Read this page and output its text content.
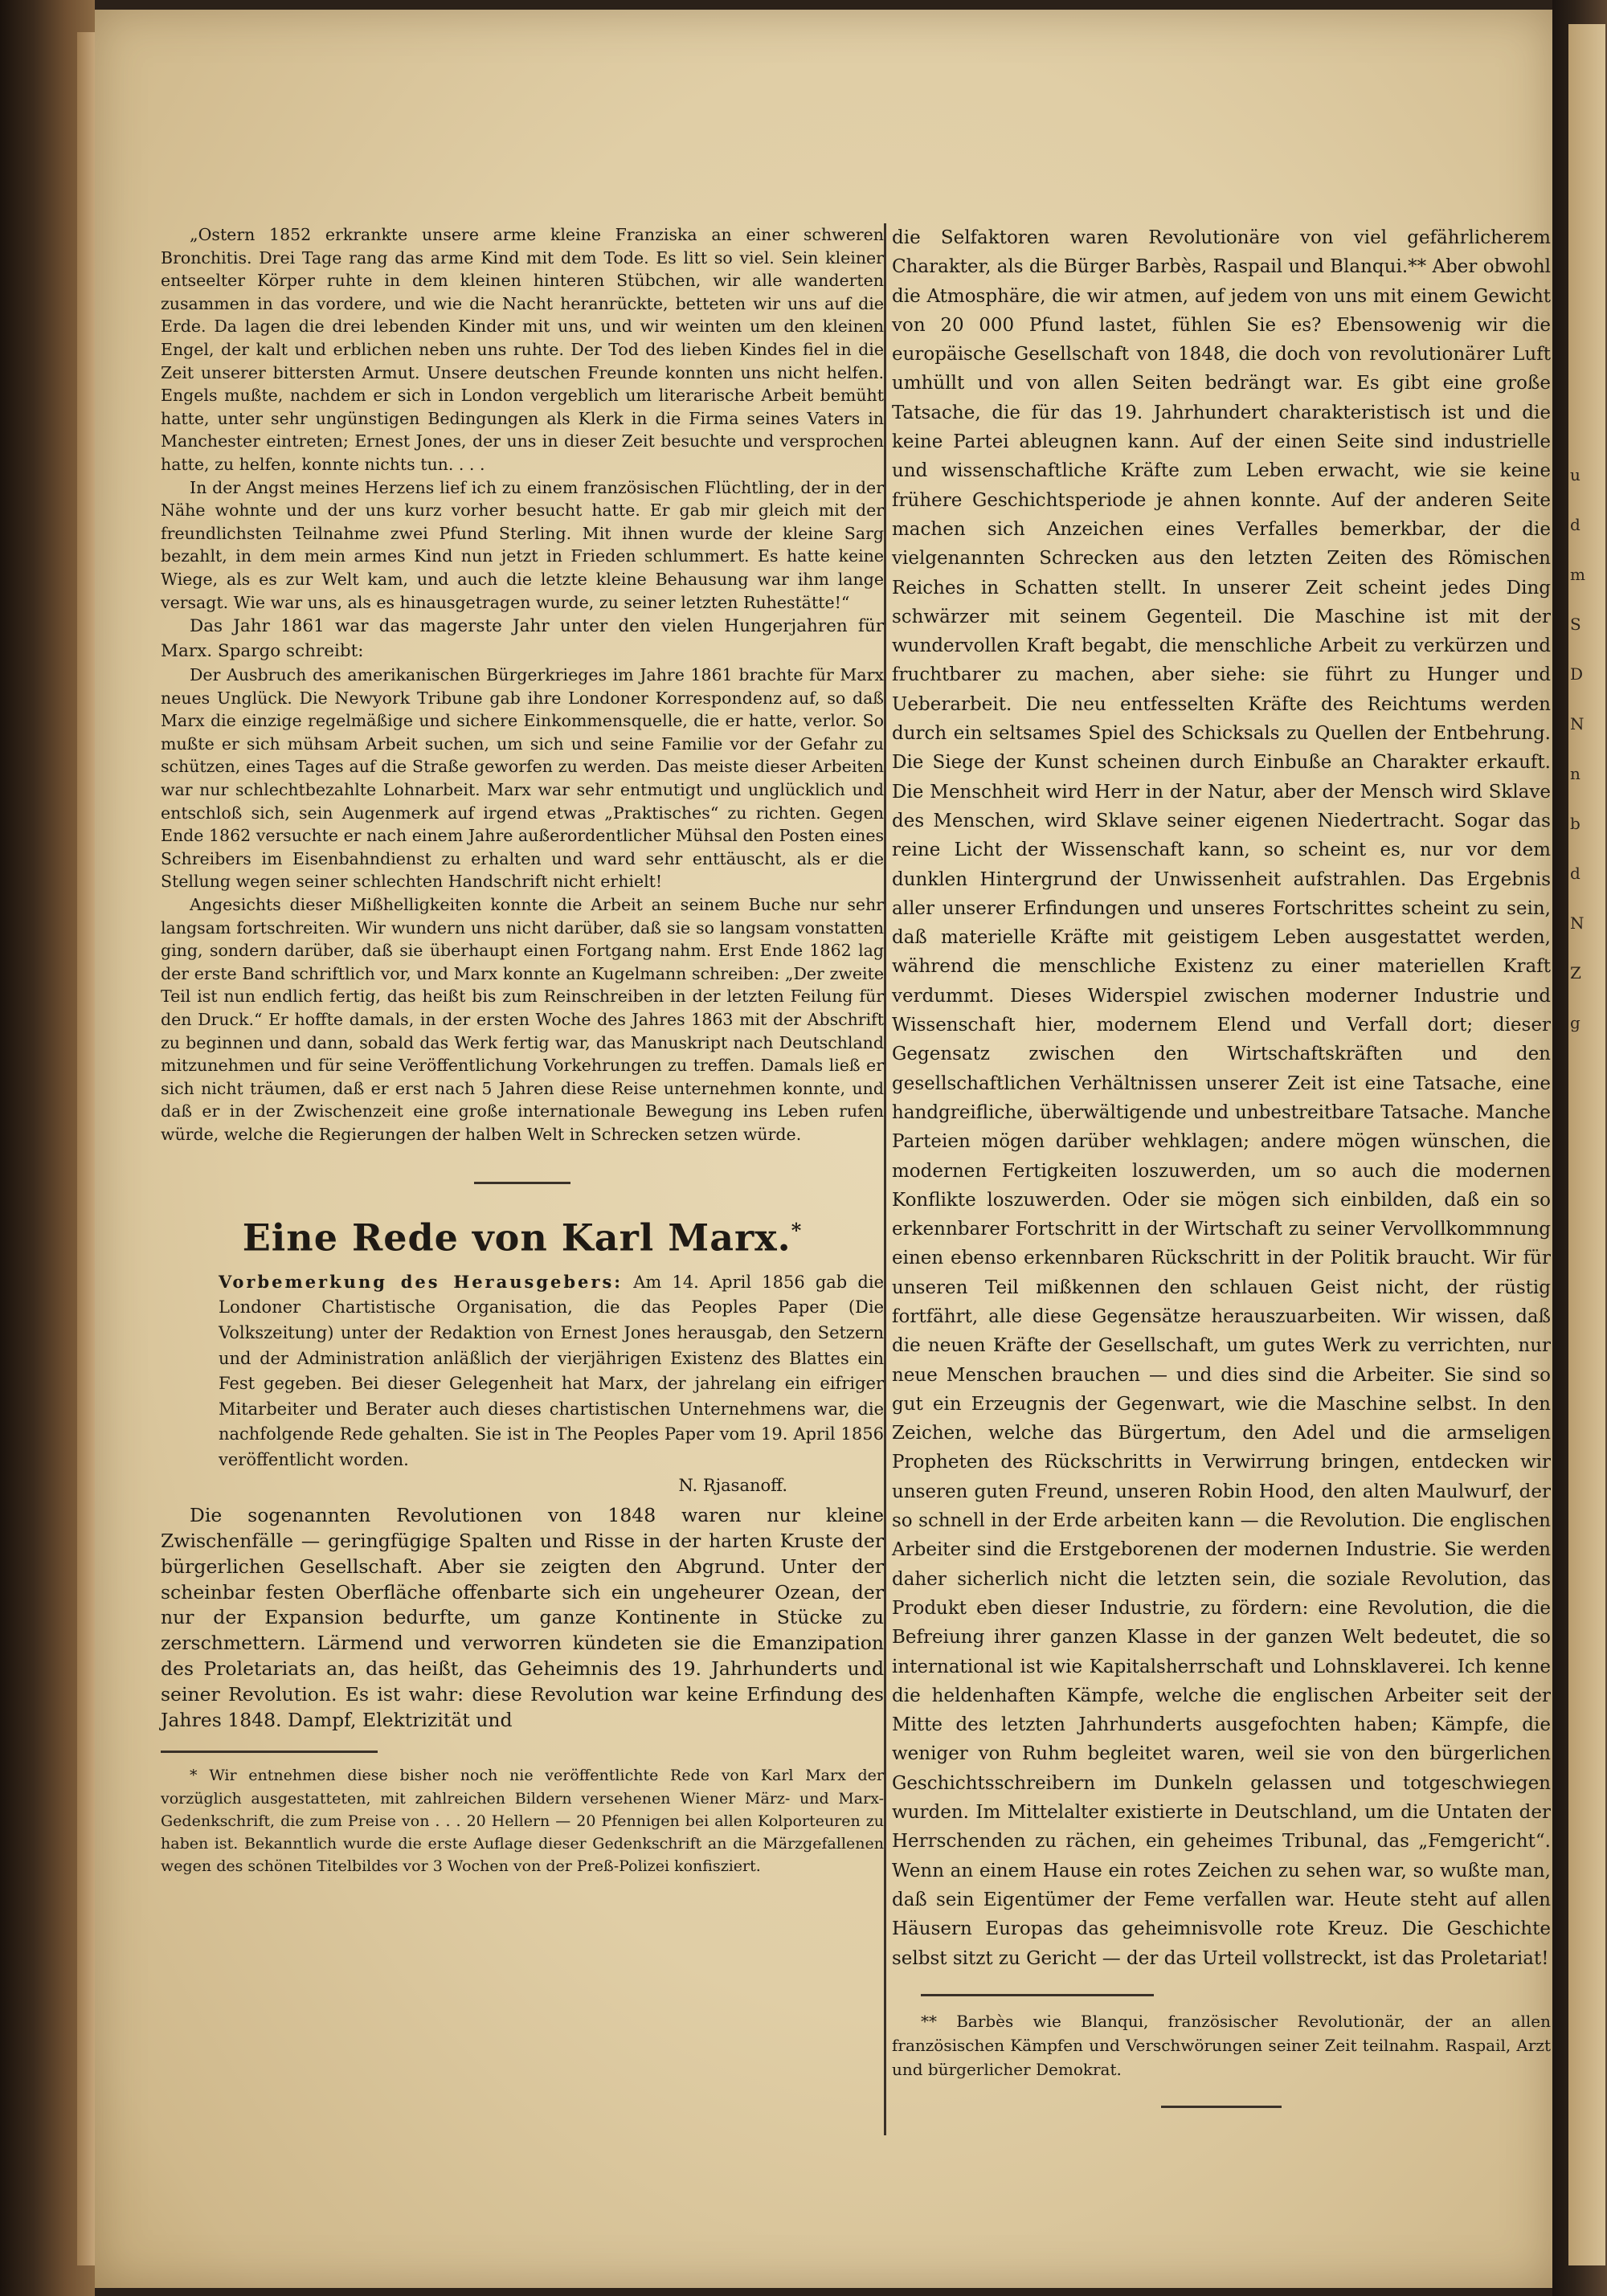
„Ostern 1852 erkrankte unsere arme kleine Franziska an einer schweren Bronchitis. Drei Tage rang das arme Kind mit dem Tode. Es litt so viel. Sein kleiner entseelter Körper ruhte in dem kleinen hinteren Stübchen, wir alle wanderten zusammen in das vordere, und wie die Nacht heranrückte, betteten wir uns auf die Erde. Da lagen die drei lebenden Kinder mit uns, und wir weinten um den kleinen Engel, der kalt und erblichen neben uns ruhte. Der Tod des lieben Kindes fiel in die Zeit unserer bittersten Armut. Unsere deutschen Freunde konnten uns nicht helfen. Engels mußte, nachdem er sich in London vergeblich um literarische Arbeit bemüht hatte, unter sehr ungünstigen Bedingungen als Klerk in die Firma seines Vaters in Manchester eintreten; Ernest Jones, der uns in dieser Zeit besuchte und versprochen hatte, zu helfen, konnte nichts tun. . . .

In der Angst meines Herzens lief ich zu einem französischen Flüchtling, der in der Nähe wohnte und der uns kurz vorher besucht hatte. Er gab mir gleich mit der freundlichsten Teilnahme zwei Pfund Sterling. Mit ihnen wurde der kleine Sarg bezahlt, in dem mein armes Kind nun jetzt in Frieden schlummert. Es hatte keine Wiege, als es zur Welt kam, und auch die letzte kleine Behausung war ihm lange versagt. Wie war uns, als es hinausgetragen wurde, zu seiner letzten Ruhestätte!“

Das Jahr 1861 war das magerste Jahr unter den vielen Hungerjahren für Marx. Spargo schreibt:

Der Ausbruch des amerikanischen Bürgerkrieges im Jahre 1861 brachte für Marx neues Unglück. Die Newyork Tribune gab ihre Londoner Korrespondenz auf, so daß Marx die einzige regelmäßige und sichere Einkommensquelle, die er hatte, verlor. So mußte er sich mühsam Arbeit suchen, um sich und seine Familie vor der Gefahr zu schützen, eines Tages auf die Straße geworfen zu werden. Das meiste dieser Arbeiten war nur schlechtbezahlte Lohnarbeit. Marx war sehr entmutigt und unglücklich und entschloß sich, sein Augenmerk auf irgend etwas „Praktisches“ zu richten. Gegen Ende 1862 versuchte er nach einem Jahre außerordentlicher Mühsal den Posten eines Schreibers im Eisenbahndienst zu erhalten und ward sehr enttäuscht, als er die Stellung wegen seiner schlechten Handschrift nicht erhielt!

Angesichts dieser Mißhelligkeiten konnte die Arbeit an seinem Buche nur sehr langsam fortschreiten. Wir wundern uns nicht darüber, daß sie so langsam vonstatten ging, sondern darüber, daß sie überhaupt einen Fortgang nahm. Erst Ende 1862 lag der erste Band schriftlich vor, und Marx konnte an Kugelmann schreiben: „Der zweite Teil ist nun endlich fertig, das heißt bis zum Reinschreiben in der letzten Feilung für den Druck.“ Er hoffte damals, in der ersten Woche des Jahres 1863 mit der Abschrift zu beginnen und dann, sobald das Werk fertig war, das Manuskript nach Deutschland mitzunehmen und für seine Veröffentlichung Vorkehrungen zu treffen. Damals ließ er sich nicht träumen, daß er erst nach 5 Jahren diese Reise unternehmen konnte, und daß er in der Zwischenzeit eine große internationale Bewegung ins Leben rufen würde, welche die Regierungen der halben Welt in Schrecken setzen würde.

Eine Rede von Karl Marx.*
Vorbemerkung des Herausgebers: Am 14. April 1856 gab die Londoner Chartistische Organisation, die das Peoples Paper (Die Volkszeitung) unter der Redaktion von Ernest Jones herausgab, den Setzern und der Administration anläßlich der vierjährigen Existenz des Blattes ein Fest gegeben. Bei dieser Gelegenheit hat Marx, der jahrelang ein eifriger Mitarbeiter und Berater auch dieses chartistischen Unternehmens war, die nachfolgende Rede gehalten. Sie ist in The Peoples Paper vom 19. April 1856 veröffentlicht worden.
N. Rjasanoff.

Die sogenannten Revolutionen von 1848 waren nur kleine Zwischenfälle — geringfügige Spalten und Risse in der harten Kruste der bürgerlichen Gesellschaft. Aber sie zeigten den Abgrund. Unter der scheinbar festen Oberfläche offenbarte sich ein ungeheurer Ozean, der nur der Expansion bedurfte, um ganze Kontinente in Stücke zu zerschmettern. Lärmend und verworren kündeten sie die Emanzipation des Proletariats an, das heißt, das Geheimnis des 19. Jahrhunderts und seiner Revolution. Es ist wahr: diese Revolution war keine Erfindung des Jahres 1848. Dampf, Elektrizität und

* Wir entnehmen diese bisher noch nie veröffentlichte Rede von Karl Marx der vorzüglich ausgestatteten, mit zahlreichen Bildern versehenen Wiener März- und Marx-Gedenkschrift, die zum Preise von . . . 20 Hellern — 20 Pfennigen bei allen Kolporteuren zu haben ist. Bekanntlich wurde die erste Auflage dieser Gedenkschrift an die Märzgefallenen wegen des schönen Titelbildes vor 3 Wochen von der Preß-Polizei konfisziert.

die Selfaktoren waren Revolutionäre von viel gefährlicherem Charakter, als die Bürger Barbès, Raspail und Blanqui.** Aber obwohl die Atmosphäre, die wir atmen, auf jedem von uns mit einem Gewicht von 20 000 Pfund lastet, fühlen Sie es? Ebensowenig wir die europäische Gesellschaft von 1848, die doch von revolutionärer Luft umhüllt und von allen Seiten bedrängt war. Es gibt eine große Tatsache, die für das 19. Jahrhundert charakteristisch ist und die keine Partei ableugnen kann. Auf der einen Seite sind industrielle und wissenschaftliche Kräfte zum Leben erwacht, wie sie keine frühere Geschichtsperiode je ahnen konnte. Auf der anderen Seite machen sich Anzeichen eines Verfalles bemerkbar, der die vielgenannten Schrecken aus den letzten Zeiten des Römischen Reiches in Schatten stellt. In unserer Zeit scheint jedes Ding schwärzer mit seinem Gegenteil. Die Maschine ist mit der wundervollen Kraft begabt, die menschliche Arbeit zu verkürzen und fruchtbarer zu machen, aber siehe: sie führt zu Hunger und Ueberarbeit. Die neu entfesselten Kräfte des Reichtums werden durch ein seltsames Spiel des Schicksals zu Quellen der Entbehrung. Die Siege der Kunst scheinen durch Einbuße an Charakter erkauft. Die Menschheit wird Herr in der Natur, aber der Mensch wird Sklave des Menschen, wird Sklave seiner eigenen Niedertracht. Sogar das reine Licht der Wissenschaft kann, so scheint es, nur vor dem dunklen Hintergrund der Unwissenheit aufstrahlen. Das Ergebnis aller unserer Erfindungen und unseres Fortschrittes scheint zu sein, daß materielle Kräfte mit geistigem Leben ausgestattet werden, während die menschliche Existenz zu einer materiellen Kraft verdummt. Dieses Widerspiel zwischen moderner Industrie und Wissenschaft hier, modernem Elend und Verfall dort; dieser Gegensatz zwischen den Wirtschaftskräften und den gesellschaftlichen Verhältnissen unserer Zeit ist eine Tatsache, eine handgreifliche, überwältigende und unbestreitbare Tatsache. Manche Parteien mögen darüber wehklagen; andere mögen wünschen, die modernen Fertigkeiten loszuwerden, um so auch die modernen Konflikte loszuwerden. Oder sie mögen sich einbilden, daß ein so erkennbarer Fortschritt in der Wirtschaft zu seiner Vervollkommnung einen ebenso erkennbaren Rückschritt in der Politik braucht. Wir für unseren Teil mißkennen den schlauen Geist nicht, der rüstig fortfährt, alle diese Gegensätze herauszuarbeiten. Wir wissen, daß die neuen Kräfte der Gesellschaft, um gutes Werk zu verrichten, nur neue Menschen brauchen — und dies sind die Arbeiter. Sie sind so gut ein Erzeugnis der Gegenwart, wie die Maschine selbst. In den Zeichen, welche das Bürgertum, den Adel und die armseligen Propheten des Rückschritts in Verwirrung bringen, entdecken wir unseren guten Freund, unseren Robin Hood, den alten Maulwurf, der so schnell in der Erde arbeiten kann — die Revolution. Die englischen Arbeiter sind die Erstgeborenen der modernen Industrie. Sie werden daher sicherlich nicht die letzten sein, die soziale Revolution, das Produkt eben dieser Industrie, zu fördern: eine Revolution, die die Befreiung ihrer ganzen Klasse in der ganzen Welt bedeutet, die so international ist wie Kapitalsherrschaft und Lohnsklaverei. Ich kenne die heldenhaften Kämpfe, welche die englischen Arbeiter seit der Mitte des letzten Jahrhunderts ausgefochten haben; Kämpfe, die weniger von Ruhm begleitet waren, weil sie von den bürgerlichen Geschichtsschreibern im Dunkeln gelassen und totgeschwiegen wurden. Im Mittelalter existierte in Deutschland, um die Untaten der Herrschenden zu rächen, ein geheimes Tribunal, das „Femgericht“. Wenn an einem Hause ein rotes Zeichen zu sehen war, so wußte man, daß sein Eigentümer der Feme verfallen war. Heute steht auf allen Häusern Europas das geheimnisvolle rote Kreuz. Die Geschichte selbst sitzt zu Gericht — der das Urteil vollstreckt, ist das Proletariat!

** Barbès wie Blanqui, französischer Revolutionär, der an allen französischen Kämpfen und Verschwörungen seiner Zeit teilnahm. Raspail, Arzt und bürgerlicher Demokrat.

u
d
m
S
D
N
n
b
d
N
Z
g
